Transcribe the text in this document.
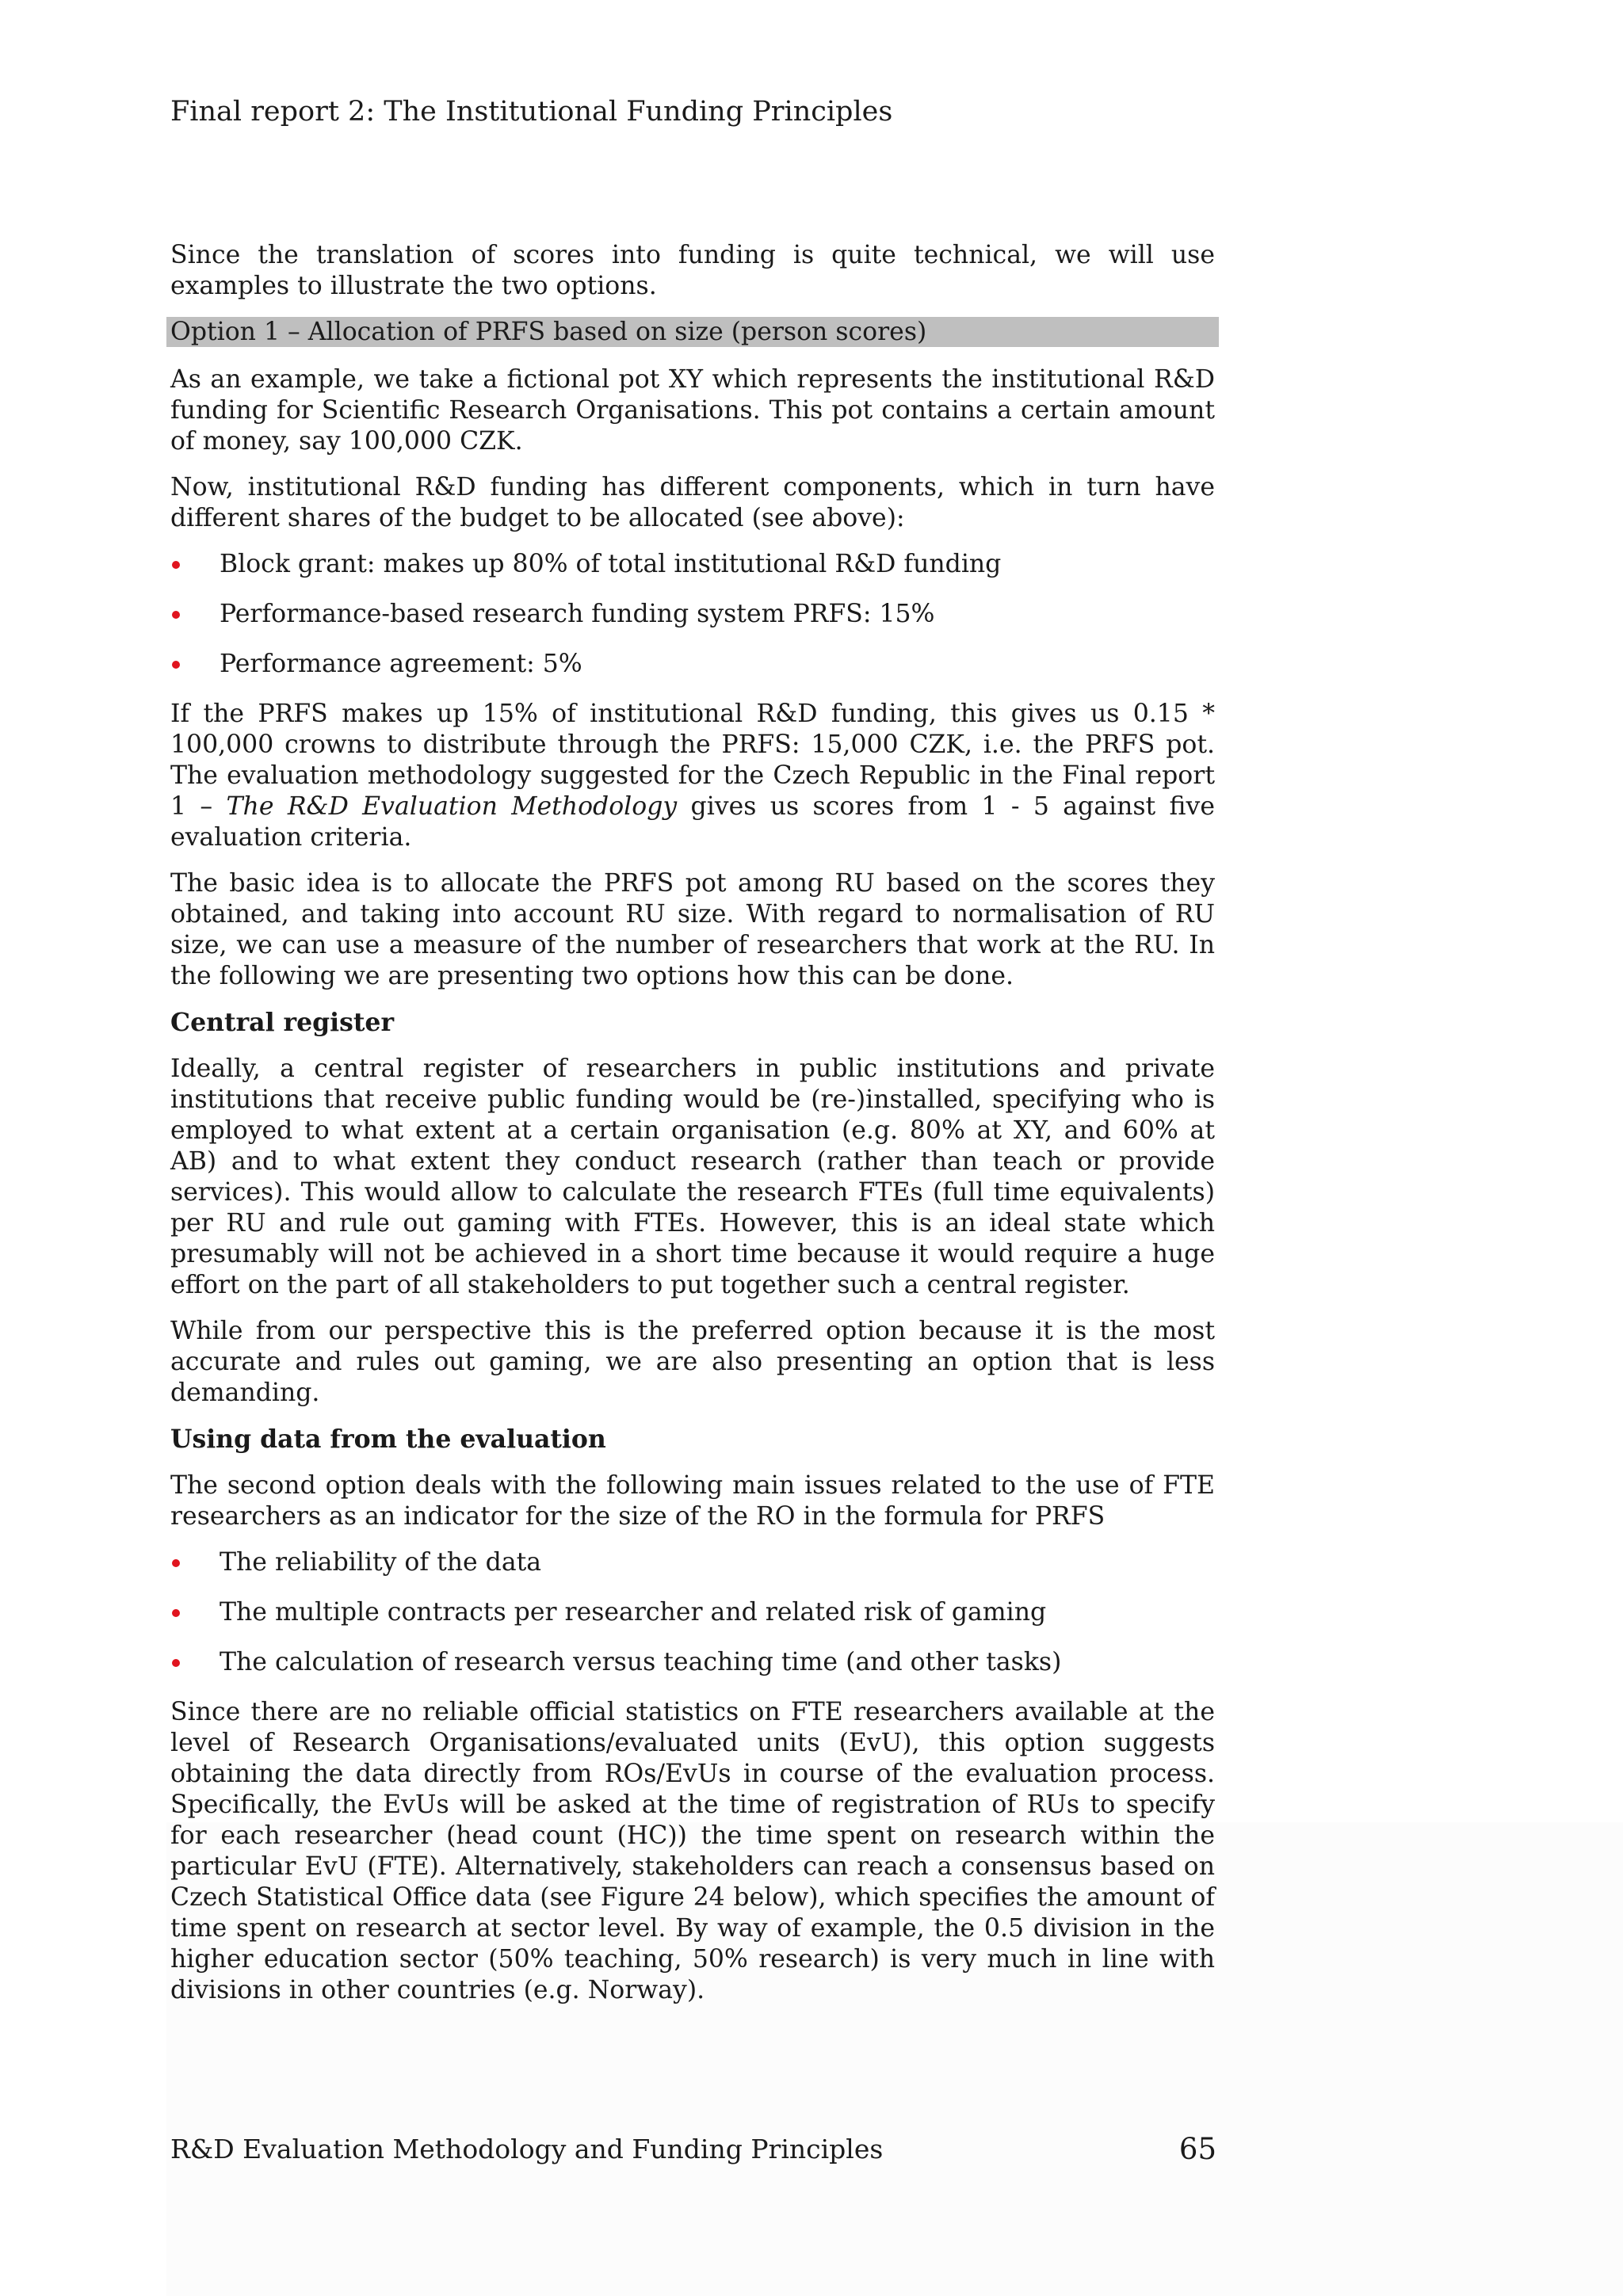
Final report 2: The Institutional Funding Principles

Since the translation of scores into funding is quite technical, we will use examples to illustrate the two options.

Option 1 – Allocation of PRFS based on size (person scores)

As an example, we take a fictional pot XY which represents the institutional R&D funding for Scientific Research Organisations. This pot contains a certain amount of money, say 100,000 CZK.

Now, institutional R&D funding has different components, which in turn have different shares of the budget to be allocated (see above):

Block grant: makes up 80% of total institutional R&D funding
Performance-based research funding system PRFS: 15%
Performance agreement: 5%

If the PRFS makes up 15% of institutional R&D funding, this gives us 0.15 * 100,000 crowns to distribute through the PRFS: 15,000 CZK, i.e. the PRFS pot. The evaluation methodology suggested for the Czech Republic in the Final report 1 – The R&D Evaluation Methodology gives us scores from 1 - 5 against five evaluation criteria.

The basic idea is to allocate the PRFS pot among RU based on the scores they obtained, and taking into account RU size. With regard to normalisation of RU size, we can use a measure of the number of researchers that work at the RU. In the following we are presenting two options how this can be done.

Central register

Ideally, a central register of researchers in public institutions and private institutions that receive public funding would be (re-)installed, specifying who is employed to what extent at a certain organisation (e.g. 80% at XY, and 60% at AB) and to what extent they conduct research (rather than teach or provide services). This would allow to calculate the research FTEs (full time equivalents) per RU and rule out gaming with FTEs. However, this is an ideal state which presumably will not be achieved in a short time because it would require a huge effort on the part of all stakeholders to put together such a central register.

While from our perspective this is the preferred option because it is the most accurate and rules out gaming, we are also presenting an option that is less demanding.

Using data from the evaluation

The second option deals with the following main issues related to the use of FTE researchers as an indicator for the size of the RO in the formula for PRFS

The reliability of the data
The multiple contracts per researcher and related risk of gaming
The calculation of research versus teaching time (and other tasks)

Since there are no reliable official statistics on FTE researchers available at the level of Research Organisations/evaluated units (EvU), this option suggests obtaining the data directly from ROs/EvUs in course of the evaluation process. Specifically, the EvUs will be asked at the time of registration of RUs to specify for each researcher (head count (HC)) the time spent on research within the particular EvU (FTE). Alternatively, stakeholders can reach a consensus based on Czech Statistical Office data (see Figure 24 below), which specifies the amount of time spent on research at sector level. By way of example, the 0.5 division in the higher education sector (50% teaching, 50% research) is very much in line with divisions in other countries (e.g. Norway).

R&D Evaluation Methodology and Funding Principles	65
